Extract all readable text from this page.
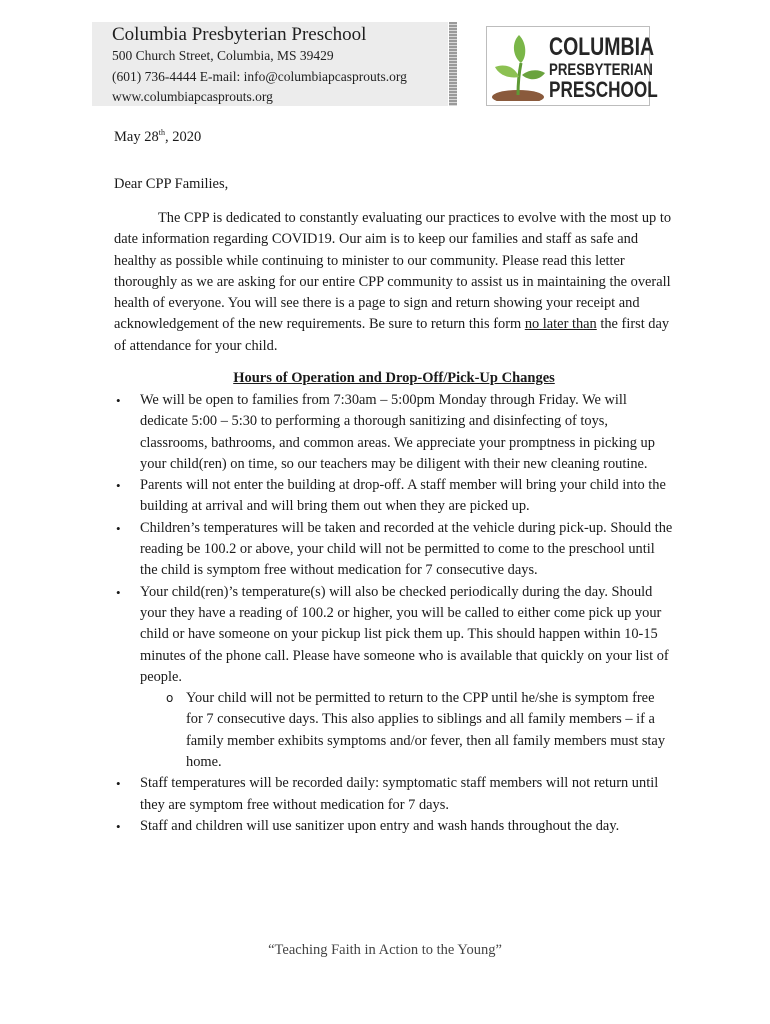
Columbia Presbyterian Preschool
500 Church Street, Columbia, MS 39429
(601) 736-4444 E-mail: info@columbiapcasprouts.org
www.columbiapcasprouts.org
COLUMBIA
PRESBYTERIAN
PRESCHOOL
May 28th, 2020
Dear CPP Families,
The CPP is dedicated to constantly evaluating our practices to evolve with the most up to date information regarding COVID19. Our aim is to keep our families and staff as safe and healthy as possible while continuing to minister to our community. Please read this letter thoroughly as we are asking for our entire CPP community to assist us in maintaining the overall health of everyone. You will see there is a page to sign and return showing your receipt and acknowledgement of the new requirements. Be sure to return this form no later than the first day of attendance for your child.
Hours of Operation and Drop-Off/Pick-Up Changes
• We will be open to families from 7:30am – 5:00pm Monday through Friday. We will dedicate 5:00 – 5:30 to performing a thorough sanitizing and disinfecting of toys, classrooms, bathrooms, and common areas. We appreciate your promptness in picking up your child(ren) on time, so our teachers may be diligent with their new cleaning routine.
• Parents will not enter the building at drop-off. A staff member will bring your child into the building at arrival and will bring them out when they are picked up.
• Children’s temperatures will be taken and recorded at the vehicle during pick-up. Should the reading be 100.2 or above, your child will not be permitted to come to the preschool until the child is symptom free without medication for 7 consecutive days.
• Your child(ren)’s temperature(s) will also be checked periodically during the day. Should your they have a reading of 100.2 or higher, you will be called to either come pick up your child or have someone on your pickup list pick them up. This should happen within 10-15 minutes of the phone call. Please have someone who is available that quickly on your list of people.
o Your child will not be permitted to return to the CPP until he/she is symptom free for 7 consecutive days. This also applies to siblings and all family members – if a family member exhibits symptoms and/or fever, then all family members must stay home.
• Staff temperatures will be recorded daily: symptomatic staff members will not return until they are symptom free without medication for 7 days.
• Staff and children will use sanitizer upon entry and wash hands throughout the day.
“Teaching Faith in Action to the Young”
